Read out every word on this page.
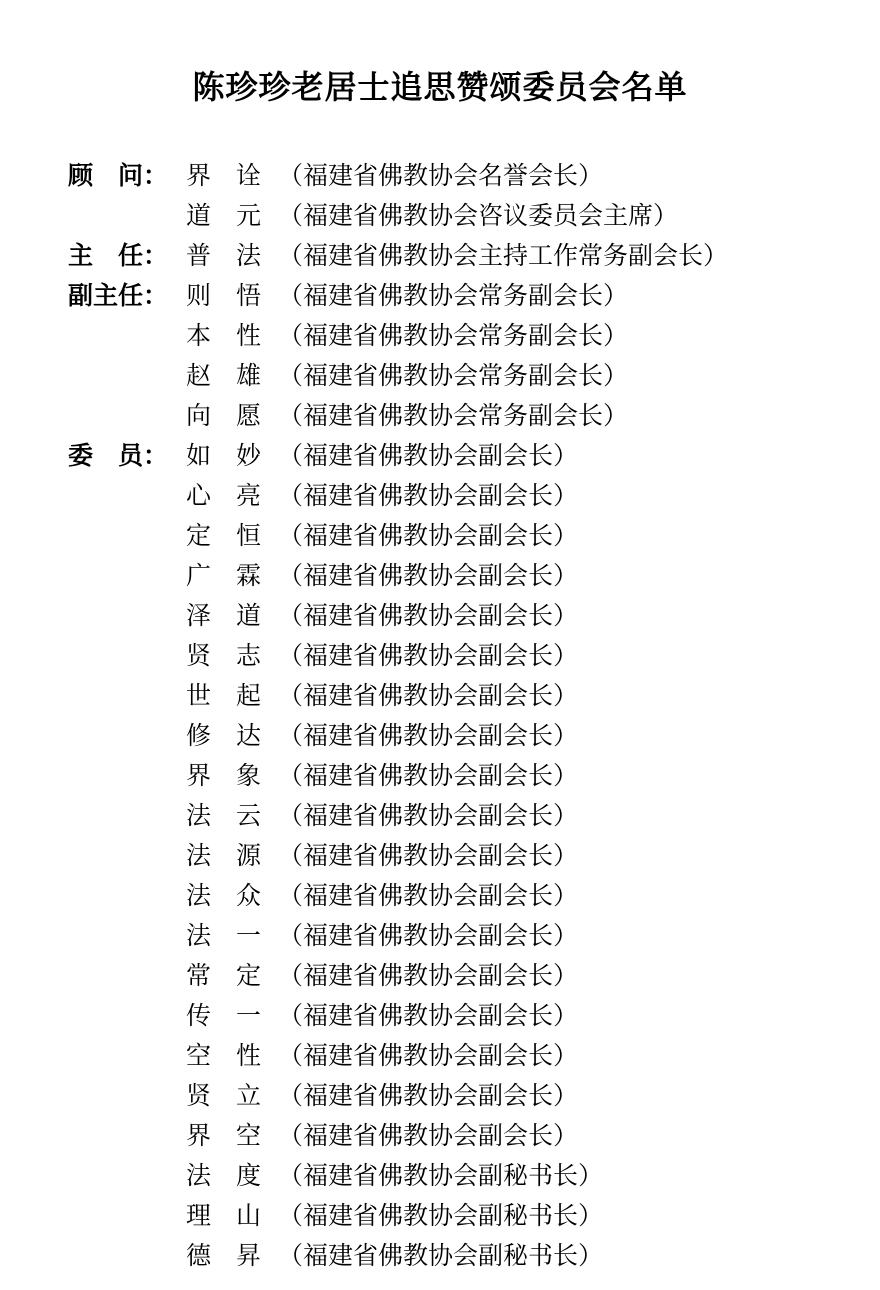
陈珍珍老居士追思赞颂委员会名单
顾　问： 界　诠 （福建省佛教协会名誉会长）
道　元 （福建省佛教协会咨议委员会主席）
主　任： 普　法 （福建省佛教协会主持工作常务副会长）
副主任： 则　悟 （福建省佛教协会常务副会长）
本　性 （福建省佛教协会常务副会长）
赵　雄 （福建省佛教协会常务副会长）
向　愿 （福建省佛教协会常务副会长）
委　员： 如　妙 （福建省佛教协会副会长）
心　亮 （福建省佛教协会副会长）
定　恒 （福建省佛教协会副会长）
广　霖 （福建省佛教协会副会长）
泽　道 （福建省佛教协会副会长）
贤　志 （福建省佛教协会副会长）
世　起 （福建省佛教协会副会长）
修　达 （福建省佛教协会副会长）
界　象 （福建省佛教协会副会长）
法　云 （福建省佛教协会副会长）
法　源 （福建省佛教协会副会长）
法　众 （福建省佛教协会副会长）
法　一 （福建省佛教协会副会长）
常　定 （福建省佛教协会副会长）
传　一 （福建省佛教协会副会长）
空　性 （福建省佛教协会副会长）
贤　立 （福建省佛教协会副会长）
界　空 （福建省佛教协会副会长）
法　度 （福建省佛教协会副秘书长）
理　山 （福建省佛教协会副秘书长）
德　昇 （福建省佛教协会副秘书长）
